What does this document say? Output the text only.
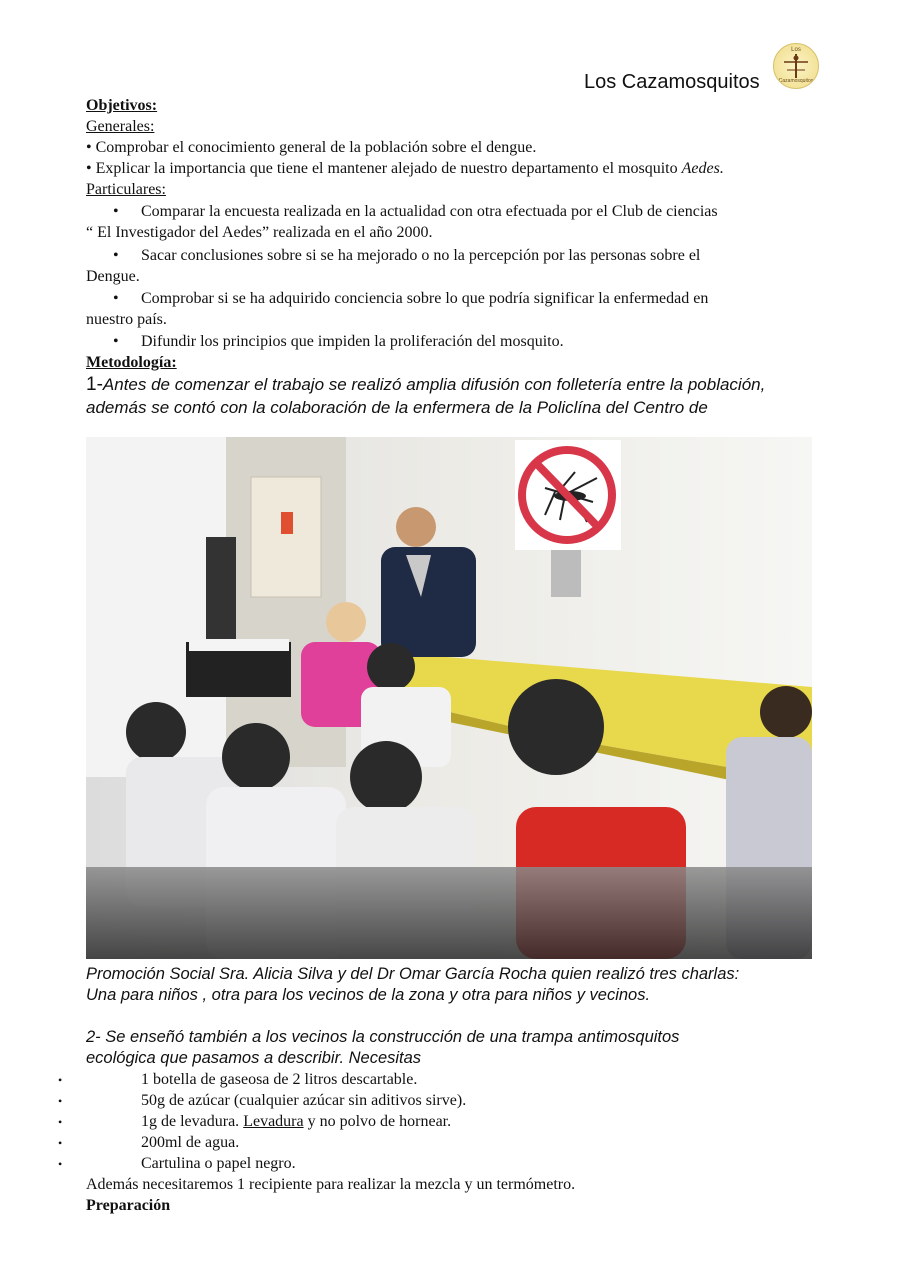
Los Cazamosquitos
Los
Cazamosquitos
Objetivos:
Generales:
• Comprobar el conocimiento general de la población sobre el dengue.
• Explicar la importancia que tiene el mantener alejado de nuestro departamento el mosquito Aedes.
Particulares:
• Comparar la encuesta realizada en la actualidad con otra efectuada por el Club de ciencias
“ El Investigador del Aedes” realizada en el año 2000.
• Sacar conclusiones sobre si se ha mejorado o no la percepción por las personas sobre el
Dengue.
• Comprobar si se ha adquirido conciencia sobre lo que podría significar la enfermedad en
nuestro país.
• Difundir los principios que impiden la proliferación del mosquito.
Metodología:
1-Antes de comenzar el trabajo se realizó amplia difusión con folletería entre la población,
además se contó con la colaboración de la enfermera de la Policlína del Centro de
Promoción Social Sra. Alicia Silva y del Dr Omar García Rocha quien realizó tres charlas:
Una para niños , otra para los vecinos de la zona y otra para niños y vecinos.
2- Se enseñó también a los vecinos la construcción de una trampa antimosquitos
ecológica que pasamos a describir. Necesitas
•	1 botella de gaseosa de 2 litros descartable.
•	50g de azúcar (cualquier azúcar sin aditivos sirve).
•	1g de levadura. Levadura y no polvo de hornear.
•	200ml de agua.
•	Cartulina o papel negro.
Además necesitaremos 1 recipiente para realizar la mezcla y un termómetro.
Preparación
